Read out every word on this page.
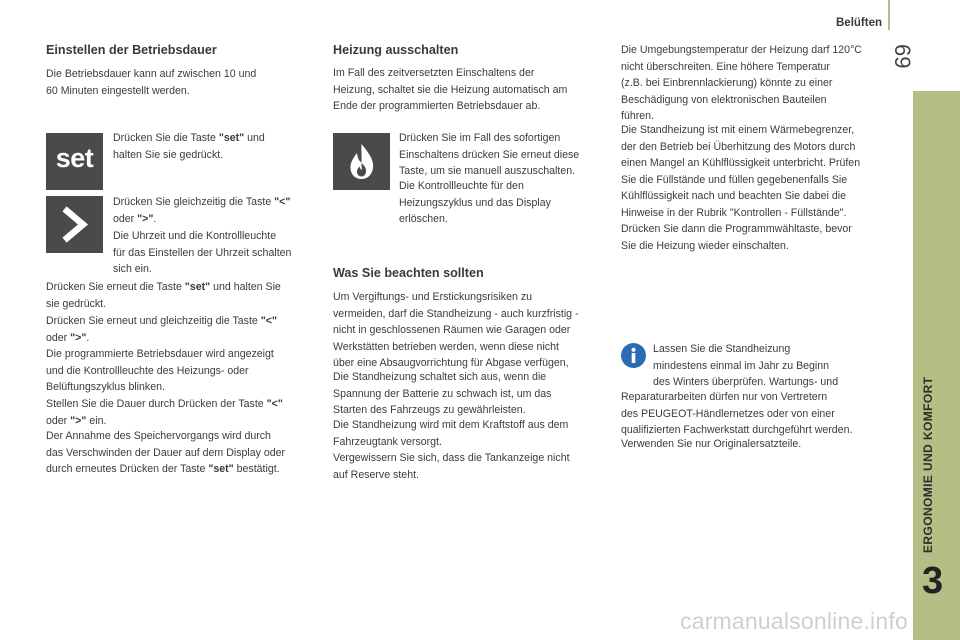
Belüften
69
ERGONOMIE UND KOMFORT
3
Einstellen der Betriebsdauer

Die Betriebsdauer kann auf zwischen 10 und

60 Minuten eingestellt werden.

set

Drücken Sie die Taste "set" und

halten Sie sie gedrückt.

Drücken Sie gleichzeitig die Taste "<"

oder ">".

Die Uhrzeit und die Kontrollleuchte

für das Einstellen der Uhrzeit schalten

sich ein.

Drücken Sie erneut die Taste "set" und halten Sie

sie gedrückt.

Drücken Sie erneut und gleichzeitig die Taste "<"

oder ">".

Die programmierte Betriebsdauer wird angezeigt

und die Kontrollleuchte des Heizungs- oder

Belüftungszyklus blinken.

Stellen Sie die Dauer durch Drücken der Taste "<"

oder ">" ein.

Der Annahme des Speichervorgangs wird durch

das Verschwinden der Dauer auf dem Display oder

durch erneutes Drücken der Taste "set" bestätigt.

Heizung ausschalten

Im Fall des zeitversetzten Einschaltens der

Heizung, schaltet sie die Heizung automatisch am

Ende der programmierten Betriebsdauer ab.

Drücken Sie im Fall des sofortigen

Einschaltens drücken Sie erneut diese

Taste, um sie manuell auszuschalten.

Die Kontrollleuchte für den

Heizungszyklus und das Display

erlöschen.

Was Sie beachten sollten

Um Vergiftungs- und Erstickungsrisiken zu

vermeiden, darf die Standheizung - auch kurzfristig -

nicht in geschlossenen Räumen wie Garagen oder

Werkstätten betrieben werden, wenn diese nicht

über eine Absaugvorrichtung für Abgase verfügen,

Die Standheizung schaltet sich aus, wenn die

Spannung der Batterie zu schwach ist, um das

Starten des Fahrzeugs zu gewährleisten.

Die Standheizung wird mit dem Kraftstoff aus dem

Fahrzeugtank versorgt.

Vergewissern Sie sich, dass die Tankanzeige nicht

auf Reserve steht.

Die Umgebungstemperatur der Heizung darf 120°C

nicht überschreiten. Eine höhere Temperatur

(z.B. bei Einbrennlackierung) könnte zu einer

Beschädigung von elektronischen Bauteilen

führen.

Die Standheizung ist mit einem Wärmebegrenzer,

der den Betrieb bei Überhitzung des Motors durch

einen Mangel an Kühlflüssigkeit unterbricht. Prüfen

Sie die Füllstände und füllen gegebenenfalls Sie

Kühlflüssigkeit nach und beachten Sie dabei die

Hinweise in der Rubrik "Kontrollen - Füllstände".

Drücken Sie dann die Programmwähltaste, bevor

Sie die Heizung wieder einschalten.

Lassen Sie die Standheizung

mindestens einmal im Jahr zu Beginn

des Winters überprüfen. Wartungs- und

Reparaturarbeiten dürfen nur von Vertretern

des PEUGEOT-Händlernetzes oder von einer

qualifizierten Fachwerkstatt durchgeführt werden.

Verwenden Sie nur Originalersatzteile.

carmanualsonline.info
